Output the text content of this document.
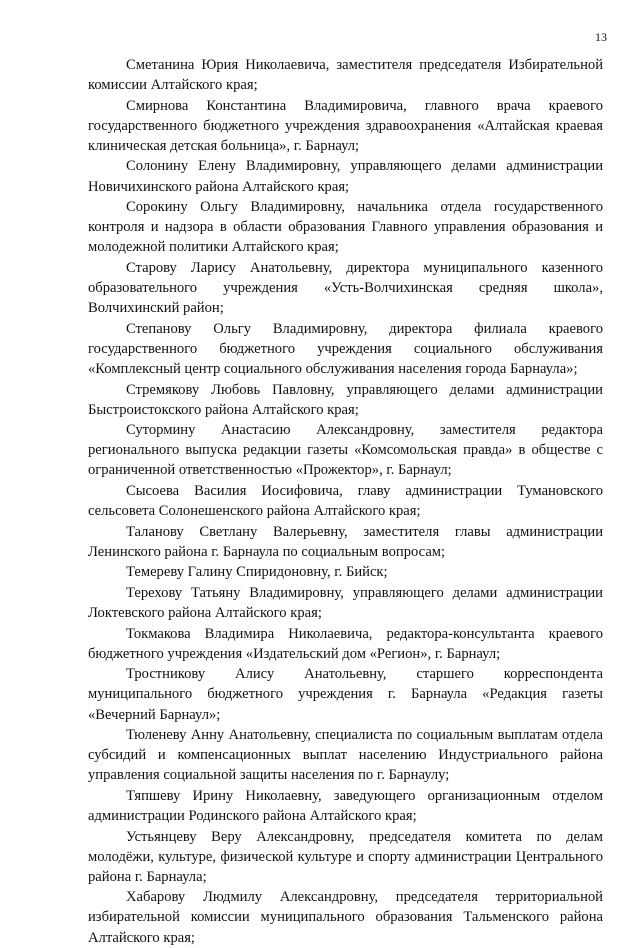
13

Сметанина Юрия Николаевича, заместителя председателя Избирательной комиссии Алтайского края;

Смирнова Константина Владимировича, главного врача краевого государственного бюджетного учреждения здравоохранения «Алтайская краевая клиническая детская больница», г. Барнаул;

Солонину Елену Владимировну, управляющего делами администрации Новичихинского района Алтайского края;

Сорокину Ольгу Владимировну, начальника отдела государственного контроля и надзора в области образования Главного управления образования и молодежной политики Алтайского края;

Старову Ларису Анатольевну, директора муниципального казенного образовательного учреждения «Усть-Волчихинская средняя школа», Волчихинский район;

Степанову Ольгу Владимировну, директора филиала краевого государственного бюджетного учреждения социального обслуживания «Комплексный центр социального обслуживания населения города Барнаула»;

Стремякову Любовь Павловну, управляющего делами администрации Быстроистокского района Алтайского края;

Сутормину Анастасию Александровну, заместителя редактора регионального выпуска редакции газеты «Комсомольская правда» в обществе с ограниченной ответственностью «Прожектор», г. Барнаул;

Сысоева Василия Иосифовича, главу администрации Тумановского сельсовета Солонешенского района Алтайского края;

Таланову Светлану Валерьевну, заместителя главы администрации Ленинского района г. Барнаула по социальным вопросам;

Темереву Галину Спиридоновну, г. Бийск;

Терехову Татьяну Владимировну, управляющего делами администрации Локтевского района Алтайского края;

Токмакова Владимира Николаевича, редактора-консультанта краевого бюджетного учреждения «Издательский дом «Регион», г. Барнаул;

Тростникову Алису Анатольевну, старшего корреспондента муниципального бюджетного учреждения г. Барнаула «Редакция газеты «Вечерний Барнаул»;

Тюленеву Анну Анатольевну, специалиста по социальным выплатам отдела субсидий и компенсационных выплат населению Индустриального района управления социальной защиты населения по г. Барнаулу;

Тяпшеву Ирину Николаевну, заведующего организационным отделом администрации Родинского района Алтайского края;

Устьянцеву Веру Александровну, председателя комитета по делам молодёжи, культуре, физической культуре и спорту администрации Центрального района г. Барнаула;

Хабарову Людмилу Александровну, председателя территориальной избирательной комиссии муниципального образования Тальменского района Алтайского края;
